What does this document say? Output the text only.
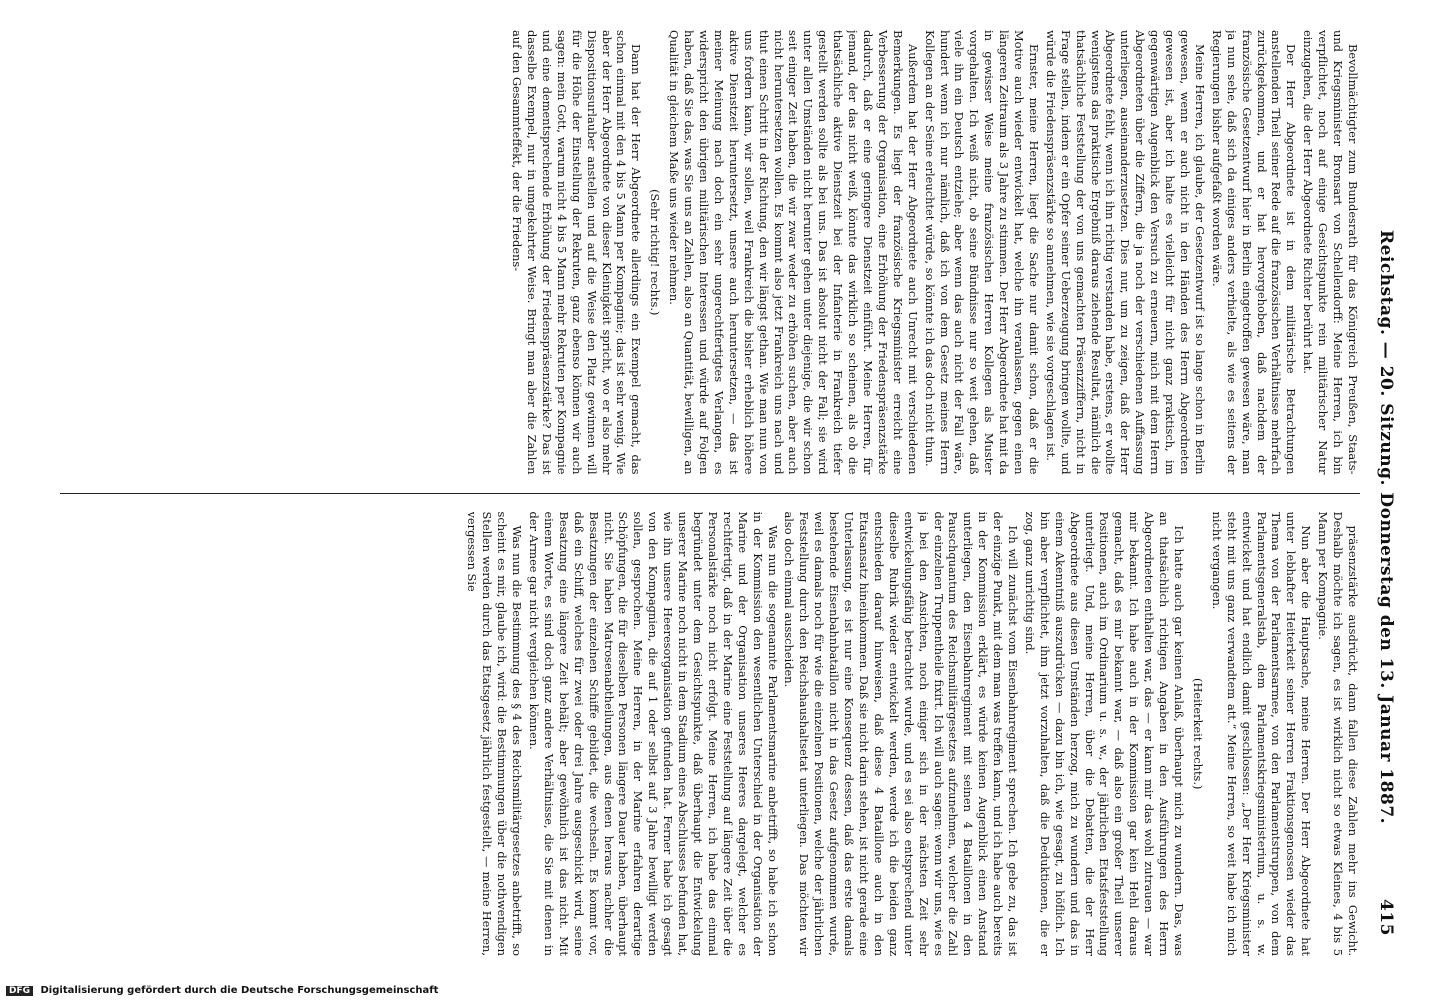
Reichstag. — 20. Sitzung. Donnerstag den 13. Januar 1887.
415

Bevollmächtigter zum Bundesrath für das Königreich Preußen, Staats- und Kriegsminister Bronsart von Schellendorff: Meine Herren, ich bin verpflichtet, noch auf einige Gesichtspunkte rein militärischer Natur einzugehen, die der Herr Abgeordnete Richter berührt hat.

Der Herr Abgeordnete ist in dem militärische Betrachtungen anstellenden Theil seiner Rede auf die französischen Verhältnisse mehrfach zurückgekommen, und er hat hervorgehoben, daß nachdem der französische Gesetzentwurf hier in Berlin eingetroffen gewesen wäre, man ja nun sehe, daß sich da einiges anders verhielte, als wie es seitens der Regierungen bisher aufgefaßt worden wäre.

Meine Herren, ich glaube, der Gesetzentwurf ist so lange schon in Berlin gewesen, wenn er auch nicht in den Händen des Herrn Abgeordneten gewesen ist, aber ich halte es vielleicht für nicht ganz praktisch, im gegenwärtigen Augenblick den Versuch zu erneuern, mich mit dem Herrn Abgeordneten über die Ziffern, die ja noch der verschiedenen Auffassung unterliegen, auseinanderzusetzen. Dies nur, um zu zeigen, daß der Herr Abgeordnete fehlt, wenn ich ihn richtig verstanden habe, erstens, er wollte wenigstens das praktische Ergebniß daraus ziehende Resultat, nämlich die thatsächliche Feststellung der von uns gemachten Präsenzziffern, nicht in Frage stellen, indem er ein Opfer seiner Ueberzeugung bringen wollte, und würde die Friedenspräsenzstärke so annehmen, wie sie vorgeschlagen ist.

Ernster, meine Herren, liegt die Sache nur damit schon, daß er die Motive auch wieder entwickelt hat, welche ihn veranlassen, gegen einen längeren Zeitraum als 3 Jahre zu stimmen. Der Herr Abgeordnete hat mit da in gewisser Weise meine französischen Herren Kollegen als Muster vorgehalten. Ich weiß nicht, ob seine Bündnisse nur so weit gehen, daß viele ihn ein Deutsch entziehe; aber wenn das auch nicht der Fall wäre, hundert wenn ich nur nämlich, daß ich von dem Gesetz meines Herrn Kollegen an der Seine erleuchtet würde, so könnte ich das doch nicht thun.

Außerdem hat der Herr Abgeordnete auch Unrecht mit verschiedenen Bemerkungen. Es liegt der französische Kriegsminister erreicht eine Verbesserung der Organisation, eine Erhöhung der Friedenspräsenzstärke dadurch, daß er eine geringere Dienstzeit einführt. Meine Herren, für jemand, der das nicht weiß, könnte das wirklich so scheinen, als ob die thatsächliche aktive Dienstzeit bei der Infanterie in Frankreich tiefer gestellt werden sollte als bei uns. Das ist absolut nicht der Fall; sie wird unter allen Umständen nicht herunter gehen unter diejenige, die wir schon seit einiger Zeit haben, die wir zwar weder zu erhöhen suchen, aber auch nicht heruntersetzen wollen. Es kommt also jetzt Frankreich uns nach und thut einen Schritt in der Richtung, den wir längst gethan. Wie man nun von uns fordern kann, wir sollen, weil Frankreich die bisher erheblich höhere aktive Dienstzeit heruntersetzt, unsere auch heruntersetzen, — das ist meiner Meinung nach doch ein sehr ungerechtfertigtes Verlangen, es widerspricht den übrigen militärischen Interessen und würde auf Folgen haben, daß Sie das, was Sie uns an Zahlen, also an Quantität, bewilligen, an Qualität in gleichem Maße uns wieder nehmen.

(Sehr richtig! rechts.)

Dann hat der Herr Abgeordnete allerdings ein Exempel gemacht, das schon einmal mit den 4 bis 5 Mann per Kompagnie; das ist sehr wenig. Wie aber der Herr Abgeordnete von dieser Kleinigkeit spricht, wo er also mehr Dispositionsurlauber anstellen und auf die Weise den Platz gewinnen will für die Höhe der Einstellung der Rekruten, ganz ebenso können wir auch sagen: mein Gott, warum nicht 4 bis 5 Mann mehr Rekruten per Kompagnie und eine dementsprechende Erhöhung der Friedenspräsenzstärke? Das ist dasselbe Exempel, nur in umgekehrter Weise. Bringt man aber die Zahlen auf den Gesammteffekt, der die Friedens-

präsenzstärke ausdrückt, dann fallen diese Zahlen mehr ins Gewicht. Deshalb möchte ich sagen, es ist wirklich nicht so etwas Kleines, 4 bis 5 Mann per Kompagnie.

Nun aber die Hauptsache, meine Herren. Der Herr Abgeordnete hat unter lebhafter Heiterkeit seiner Herren Fraktionsgenossen wieder das Thema von der Parlamentsarmee, von den Parlamentstruppen, von dem Parlamentsgeneralstab, dem Parlamentskriegsministerium, u. s. w. entwickelt und hat endlich damit geschlossen: „Der Herr Kriegsminister steht mit uns ganz verwandtem att.“ Meine Herren, so weit habe ich mich nicht vergangen.

(Heiterkeit rechts.)

Ich hatte auch gar keinen Anlaß, überhaupt mich zu wundern. Das, was an thatsächlich richtigen Angaben in den Ausführungen des Herrn Abgeordneten enthalten war, das — er kann mir das wohl zutrauen — war mir bekannt. Ich habe auch in der Kommission gar kein Hehl daraus gemacht, daß es mir bekannt war, — daß also ein großer Theil unserer Positionen, auch im Ordinarium u. s. w., der jährlichen Etatsfeststellung unterliegt. Und, meine Herren, über die Debatten, die der Herr Abgeordnete aus diesen Umständen herzog, mich zu wundern und das in einem Akenntniß auszudrücken — dazu bin ich, wie gesagt, zu höflich. Ich bin aber verpflichtet, ihm jetzt vorzuhalten, daß die Deduktionen, die er zog, ganz unrichtig sind.

Ich will zunächst vom Eisenbahnregiment sprechen. Ich gebe zu, das ist der einzige Punkt, mit dem man was treffen kann, und ich habe auch bereits in der Kommission erklärt, es würde keinen Augenblick einen Anstand unterliegen, den Eisenbahnregiment mit seinen 4 Bataillonen in den Pauschquantum des Reichsmilitärgesetzes aufzunehmen, welcher die Zahl der einzelnen Truppentheile fixirt. Ich will auch sagen: wenn wir uns, wie es ja bei den Ansichten, noch einiger sich in der nächsten Zeit sehr entwickelungsfähig betrachtet wurde, und es sei also entsprechend unter dieselbe Rubrik wieder entwickelt werden, werde ich die beiden ganz entschieden darauf hinweisen, daß diese 4 Bataillone auch in den Etatsansatz hineinkommen. Daß sie nicht darin stehen, ist nicht gerade eine Unterlassung, es ist nur eine Konsequenz dessen, daß das erste damals bestehende Eisenbahnbataillon nicht in das Gesetz aufgenommen wurde, weil es damals noch für wie die einzelnen Positionen, welche der jährlichen Feststellung durch den Reichshaushaltsetat unterliegen. Das möchten wir also doch einmal ausscheiden.

Was nun die sogenannte Parlamentsmarine anbetrifft, so habe ich schon in der Kommission den wesentlichen Unterschied in der Organisation der Marine und der Organisation unseres Heeres dargelegt, welcher es rechtfertigt, daß in der Marine eine Feststellung auf längere Zeit über die Personalstärke noch nicht erfolgt. Meine Herren, ich habe das einmal begründet unter dem Gesichtspunkte, daß überhaupt die Entwickelung unserer Marine noch nicht in dem Stadium eines Abschlusses befunden hat, wie ihn unsere Heeresorganisation gefunden hat. Ferner habe ich gesagt von den Kompagnien, die auf 1 oder selbst auf 3 Jahre bewilligt werden sollen, gesprochen. Meine Herren, in der Marine erfahren derartige Schöpfungen, die für dieselben Personen längere Dauer haben, überhaupt nicht. Sie haben Matrosenabtheilungen, aus denen heraus nachher die Besatzungen der einzelnen Schiffe gebildet, die wechseln. Es kommt vor, daß ein Schiff, welches für zwei oder drei Jahre ausgeschickt wird, seine Besatzung eine längere Zeit behält; aber gewöhnlich ist das nicht. Mit einem Worte, es sind doch ganz andere Verhältnisse, die Sie mit denen in der Armee gar nicht vergleichen können.

Was nun die Bestimmung des § 4 des Reichsmilitärgesetzes anbetrifft, so scheint es mir, glaube ich, wird: die Bestimmungen über die nothwendigen Stellen werden durch das Etatsgesetz jährlich festgestellt, — meine Herren, vergessen Sie

DFG Digitalisierung gefördert durch die Deutsche Forschungsgemeinschaft
